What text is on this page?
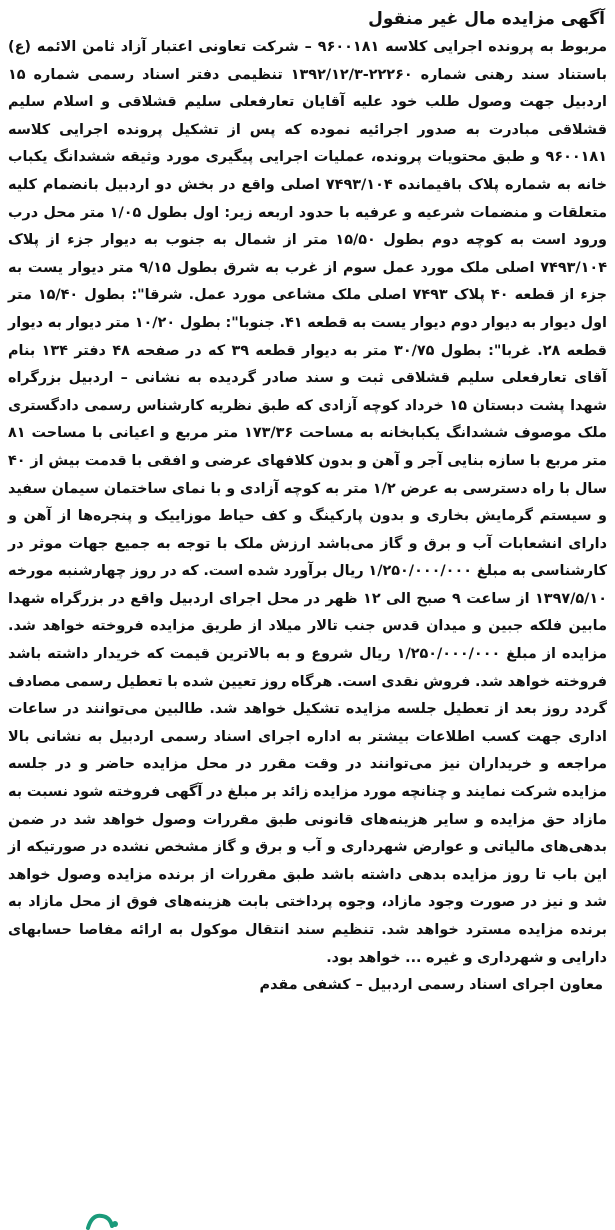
آگهی مزایده مال غیر منقول

مربوط به پرونده اجرایی کلاسه ۹۶۰۰۱۸۱ – شرکت تعاونی اعتبار آزاد ثامن الائمه (ع) باستناد سند رهنی شماره ۲۲۲۶۰-۱۳۹۲/۱۲/۳ تنظیمی دفتر اسناد رسمی شماره ۱۵ اردبیل جهت وصول طلب خود علیه آقایان تعارفعلی سلیم قشلاقی و اسلام سلیم قشلاقی مبادرت به صدور اجرائیه نموده که پس از تشکیل پرونده اجرایی کلاسه ۹۶۰۰۱۸۱ و طبق محتویات پرونده، عملیات اجرایی پیگیری مورد وثیقه ششدانگ یکباب خانه به شماره پلاک باقیمانده ۷۴۹۳/۱۰۴ اصلی واقع در بخش دو اردبیل بانضمام کلیه متعلقات و منضمات شرعیه و عرفیه با حدود اربعه زیر: اول بطول ۱/۰۵ متر محل درب ورود است به کوچه دوم بطول ۱۵/۵۰ متر از شمال به جنوب به دیوار جزء از پلاک ۷۴۹۳/۱۰۴ اصلی ملک مورد عمل سوم از غرب به شرق بطول ۹/۱۵ متر دیوار یست به جزء از قطعه ۴۰ پلاک ۷۴۹۳ اصلی ملک مشاعی مورد عمل. شرقا": بطول ۱۵/۴۰ متر اول دیوار به دیوار دوم دیوار یست به قطعه ۴۱. جنوبا": بطول ۱۰/۲۰ متر دیوار به دیوار قطعه ۲۸. غربا": بطول ۳۰/۷۵ متر به دیوار قطعه ۳۹ که در صفحه ۴۸ دفتر ۱۳۴ بنام آقای تعارفعلی سلیم قشلاقی ثبت و سند صادر گردیده به نشانی – اردبیل بزرگراه شهدا پشت دبستان ۱۵ خرداد کوچه آزادی که طبق نظریه کارشناس رسمی دادگستری ملک موصوف ششدانگ یکبابخانه به مساحت ۱۷۳/۳۶ متر مربع و اعیانی با مساحت ۸۱ متر مربع با سازه بنایی آجر و آهن و بدون کلافهای عرضی و افقی با قدمت بیش از ۴۰ سال با راه دسترسی به عرض ۱/۲ متر به کوچه آزادی و با نمای ساختمان سیمان سفید و سیستم گرمایش بخاری و بدون پارکینگ و کف حیاط موزاییک و پنجره‌ها از آهن و دارای انشعابات آب و برق و گاز می‌باشد ارزش ملک با توجه به جمیع جهات موثر در کارشناسی به مبلغ ۱/۲۵۰/۰۰۰/۰۰۰ ریال برآورد شده است. که در روز چهارشنبه مورخه ۱۳۹۷/۵/۱۰ از ساعت ۹ صبح الی ۱۲ ظهر در محل اجرای اردبیل واقع در بزرگراه شهدا مابین فلکه جبین و میدان قدس جنب تالار میلاد از طریق مزایده فروخته خواهد شد. مزایده از مبلغ ۱/۲۵۰/۰۰۰/۰۰۰ ریال شروع و به بالاترین قیمت که خریدار داشته باشد فروخته خواهد شد. فروش نقدی است. هرگاه روز تعیین شده با تعطیل رسمی مصادف گردد روز بعد از تعطیل جلسه مزایده تشکیل خواهد شد. طالبین می‌توانند در ساعات اداری جهت کسب اطلاعات بیشتر به اداره اجرای اسناد رسمی اردبیل به نشانی بالا مراجعه و خریداران نیز می‌توانند در وقت مقرر در محل مزایده حاضر و در جلسه مزایده شرکت نمایند و چنانچه مورد مزایده زائد بر مبلغ در آگهی فروخته شود نسبت به مازاد حق مزایده و سایر هزینه‌های قانونی طبق مقررات وصول خواهد شد در ضمن بدهی‌های مالیاتی و عوارض شهرداری و آب و برق و گاز مشخص نشده در صورتیکه از این باب تا روز مزایده بدهی داشته باشد طبق مقررات از برنده مزایده وصول خواهد شد و نیز در صورت وجود مازاد، وجوه پرداختی بابت هزینه‌های فوق از محل مازاد به برنده مزایده مسترد خواهد شد. تنظیم سند انتقال موکول به ارائه مفاصا حسابهای دارایی و شهرداری و غیره ... خواهد بود.

معاون اجرای اسناد رسمی اردبیل – کشفی مقدم
